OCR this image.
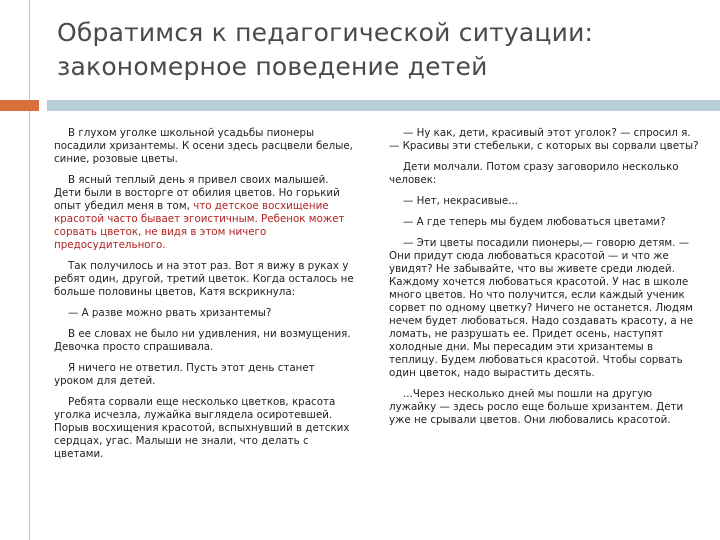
Обратимся к педагогической ситуации:
закономерное поведение детей

В глухом уголке школьной усадьбы пионеры посадили хризантемы. К осени здесь расцвели белые, синие, розовые цветы.

В ясный теплый день я привел своих малышей. Дети были в восторге от обилия цветов. Но горький опыт убедил меня в том, что детское восхищение красотой часто бывает эгоистичным. Ребенок может сорвать цветок, не видя в этом ничего предосудительного.

Так получилось и на этот раз. Вот я вижу в руках у ребят один, другой, третий цветок. Когда осталось не больше половины цветов, Катя вскрикнула:

— А разве можно рвать хризантемы?

В ее словах не было ни удивления, ни возмущения. Девочка просто спрашивала.

Я ничего не ответил. Пусть этот день станет уроком для детей.

Ребята сорвали еще несколько цветков, красота уголка исчезла, лужайка выглядела осиротевшей. Порыв восхищения красотой, вспыхнувший в детских сердцах, угас. Малыши не знали, что делать с цветами.

— Ну как, дети, красивый этот уголок? — спросил я. — Красивы эти стебельки, с которых вы сорвали цветы?

Дети молчали. Потом сразу заговорило несколько человек:

— Нет, некрасивые...

— А где теперь мы будем любоваться цветами?

— Эти цветы посадили пионеры,— говорю детям. — Они придут сюда любоваться красотой — и что же увидят? Не забывайте, что вы живете среди людей. Каждому хочется любоваться красотой. У нас в школе много цветов. Но что получится, если каждый ученик сорвет по одному цветку? Ничего не останется. Людям нечем будет любоваться. Надо создавать красоту, а не ломать, не разрушать ее. Придет осень, наступят холодные дни. Мы пересадим эти хризантемы в теплицу. Будем любоваться красотой. Чтобы сорвать один цветок, надо вырастить десять.

...Через несколько дней мы пошли на другую лужайку — здесь росло еще больше хризантем. Дети уже не срывали цветов. Они любовались красотой.
